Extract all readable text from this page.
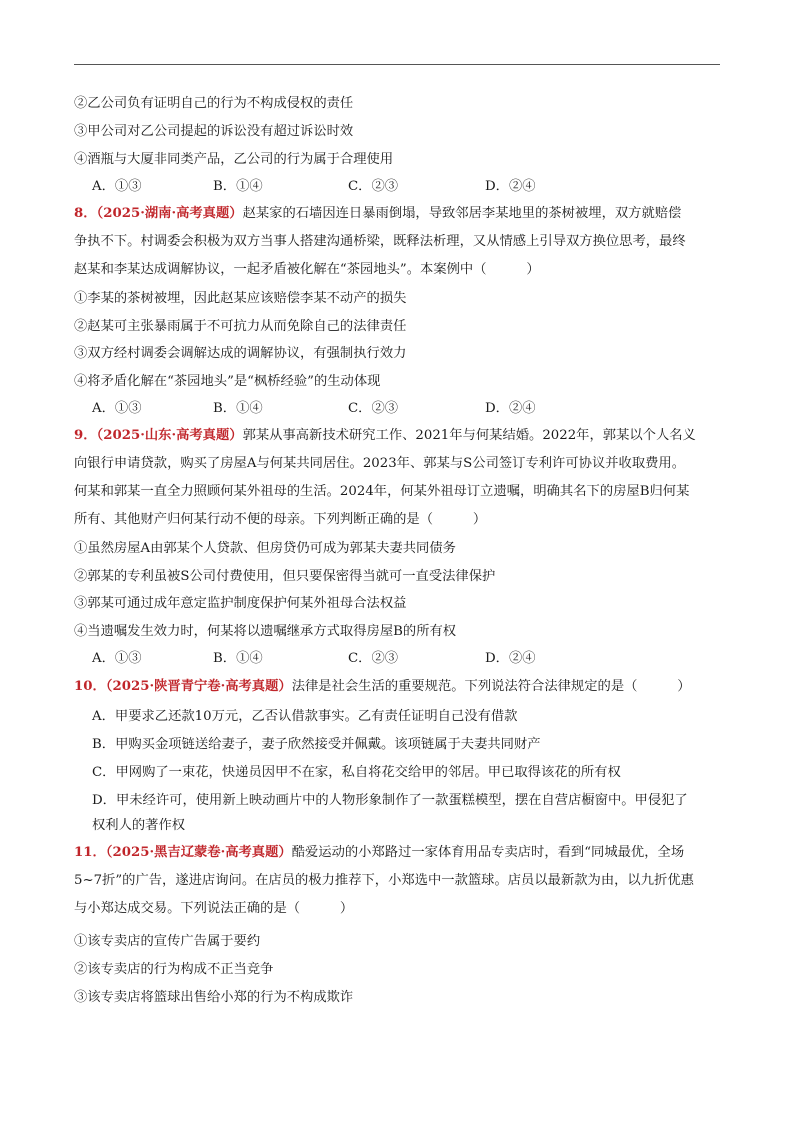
②乙公司负有证明自己的行为不构成侵权的责任
③甲公司对乙公司提起的诉讼没有超过诉讼时效
④酒瓶与大厦非同类产品，乙公司的行为属于合理使用
A．①③	B．①④	C．②③	D．②④
8．（2025·湖南·高考真题）赵某家的石墙因连日暴雨倒塌，导致邻居李某地里的茶树被埋，双方就赔偿
争执不下。村调委会积极为双方当事人搭建沟通桥梁，既释法析理，又从情感上引导双方换位思考，最终
赵某和李某达成调解协议，一起矛盾被化解在“茶园地头”。本案例中（　　　）
①李某的茶树被埋，因此赵某应该赔偿李某不动产的损失
②赵某可主张暴雨属于不可抗力从而免除自己的法律责任
③双方经村调委会调解达成的调解协议，有强制执行效力
④将矛盾化解在“茶园地头”是“枫桥经验”的生动体现
A．①③	B．①④	C．②③	D．②④
9．（2025·山东·高考真题）郭某从事高新技术研究工作、2021年与何某结婚。2022年，郭某以个人名义
向银行申请贷款，购买了房屋A与何某共同居住。2023年、郭某与S公司签订专利许可协议并收取费用。
何某和郭某一直全力照顾何某外祖母的生活。2024年，何某外祖母订立遗嘱，明确其名下的房屋B归何某
所有、其他财产归何某行动不便的母亲。下列判断正确的是（　　　）
①虽然房屋A由郭某个人贷款、但房贷仍可成为郭某夫妻共同债务
②郭某的专利虽被S公司付费使用，但只要保密得当就可一直受法律保护
③郭某可通过成年意定监护制度保护何某外祖母合法权益
④当遗嘱发生效力时，何某将以遗嘱继承方式取得房屋B的所有权
A．①③	B．①④	C．②③	D．②④
10．（2025·陕晋青宁卷·高考真题）法律是社会生活的重要规范。下列说法符合法律规定的是（　　　）
A．甲要求乙还款10万元，乙否认借款事实。乙有责任证明自己没有借款
B．甲购买金项链送给妻子，妻子欣然接受并佩戴。该项链属于夫妻共同财产
C．甲网购了一束花，快递员因甲不在家，私自将花交给甲的邻居。甲已取得该花的所有权
D．甲未经许可，使用新上映动画片中的人物形象制作了一款蛋糕模型，摆在自营店橱窗中。甲侵犯了
权利人的著作权
11．（2025·黑吉辽蒙卷·高考真题）酷爱运动的小郑路过一家体育用品专卖店时，看到“同城最优，全场
5~7折”的广告，遂进店询问。在店员的极力推荐下，小郑选中一款篮球。店员以最新款为由，以九折优惠
与小郑达成交易。下列说法正确的是（　　　）
①该专卖店的宣传广告属于要约
②该专卖店的行为构成不正当竞争
③该专卖店将篮球出售给小郑的行为不构成欺诈
